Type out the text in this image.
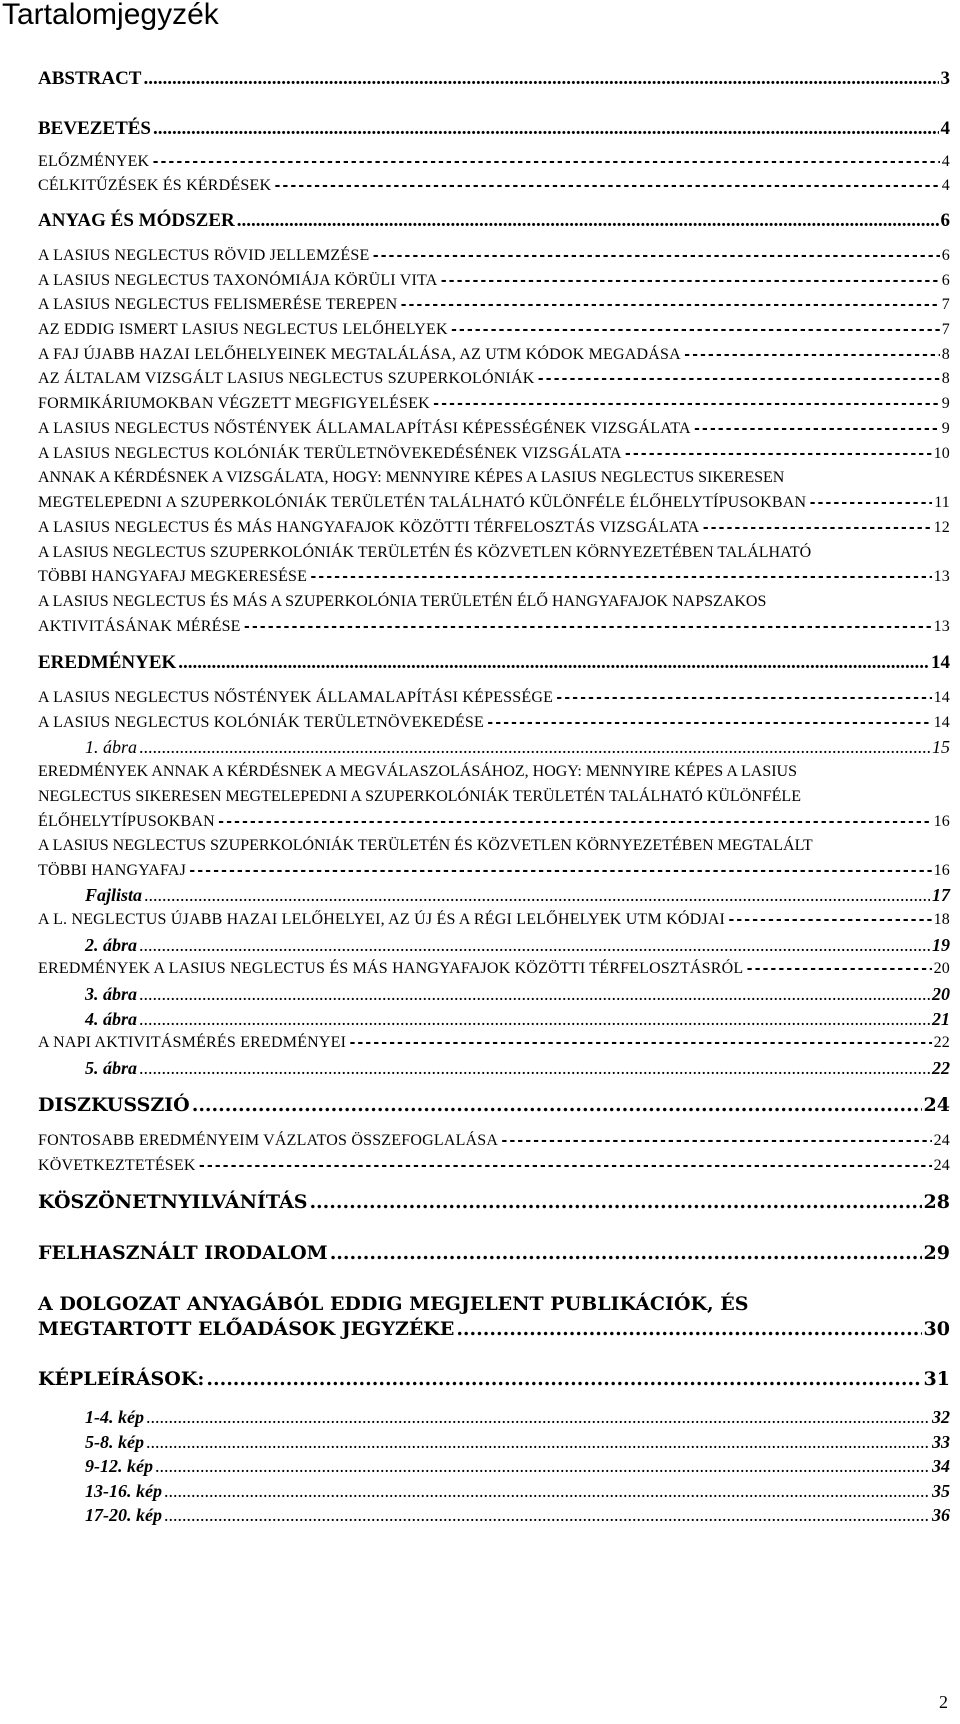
Tartalomjegyzék
ABSTRACT .....	3
BEVEZETÉS .....	4
ELŐZMÉNYEK -----	4
CÉLKITŰZÉSEK ÉS KÉRDÉSEK -----	4
ANYAG ÉS MÓDSZER .....	6
A LASIUS NEGLECTUS RÖVID JELLEMZÉSE -----	6
A LASIUS NEGLECTUS TAXONÓMIÁJA KÖRÜLI VITA -----	6
A LASIUS NEGLECTUS FELISMERÉSE TEREPEN -----	7
AZ EDDIG ISMERT LASIUS NEGLECTUS LELŐHELYEK -----	7
A FAJ ÚJABB HAZAI LELŐHELYEINEK MEGTALÁLÁSA, AZ UTM KÓDOK MEGADÁSA -----	8
AZ ÁLTALAM VIZSGÁLT LASIUS NEGLECTUS SZUPERKOLÓNIÁK -----	8
FORMIKÁRIUMOKBAN VÉGZETT MEGFIGYELÉSEK -----	9
A LASIUS NEGLECTUS NŐSTÉNYEK ÁLLAMALAPÍTÁSI KÉPESSÉGÉNEK VIZSGÁLATA -----	9
A LASIUS NEGLECTUS KOLÓNIÁK TERÜLETNÖVEKEDÉSÉNEK VIZSGÁLATA -----	10
ANNAK A KÉRDÉSNEK A VIZSGÁLATA, HOGY: MENNYIRE KÉPES A LASIUS NEGLECTUS SIKERESEN
MEGTELEPEDNI A SZUPERKOLÓNIÁK TERÜLETÉN TALÁLHATÓ KÜLÖNFÉLE ÉLŐHELYTÍPUSOKBAN -----	11
A LASIUS NEGLECTUS ÉS MÁS HANGYAFAJOK KÖZÖTTI TÉRFELOSZTÁS VIZSGÁLATA -----	12
A LASIUS NEGLECTUS SZUPERKOLÓNIÁK TERÜLETÉN ÉS KÖZVETLEN KÖRNYEZETÉBEN TALÁLHATÓ
TÖBBI HANGYAFAJ MEGKERESÉSE -----	13
A LASIUS NEGLECTUS ÉS MÁS A SZUPERKOLÓNIA TERÜLETÉN ÉLŐ HANGYAFAJOK NAPSZAKOS
AKTIVITÁSÁNAK MÉRÉSE -----	13
EREDMÉNYEK .....	14
A LASIUS NEGLECTUS NŐSTÉNYEK ÁLLAMALAPÍTÁSI KÉPESSÉGE -----	14
A LASIUS NEGLECTUS KOLÓNIÁK TERÜLETNÖVEKEDÉSE -----	14
1. ábra .....	15
EREDMÉNYEK ANNAK A KÉRDÉSNEK A MEGVÁLASZOLÁSÁHOZ, HOGY: MENNYIRE KÉPES A LASIUS
NEGLECTUS SIKERESEN MEGTELEPEDNI A SZUPERKOLÓNIÁK TERÜLETÉN TALÁLHATÓ KÜLÖNFÉLE
ÉLŐHELYTÍPUSOKBAN -----	16
A LASIUS NEGLECTUS SZUPERKOLÓNIÁK TERÜLETÉN ÉS KÖZVETLEN KÖRNYEZETÉBEN MEGTALÁLT
TÖBBI HANGYAFAJ -----	16
Fajlista .....	17
A L. NEGLECTUS ÚJABB HAZAI LELŐHELYEI, AZ ÚJ ÉS A RÉGI LELŐHELYEK UTM KÓDJAI -----	18
2. ábra .....	19
EREDMÉNYEK A LASIUS NEGLECTUS ÉS MÁS HANGYAFAJOK KÖZÖTTI TÉRFELOSZTÁSRÓL -----	20
3. ábra .....	20
4. ábra .....	21
A NAPI AKTIVITÁSMÉRÉS EREDMÉNYEI -----	22
5. ábra .....	22
DISZKUSSZIÓ .....	24
FONTOSABB EREDMÉNYEIM VÁZLATOS ÖSSZEFOGLALÁSA -----	24
KÖVETKEZTETÉSEK -----	24
KÖSZÖNETNYILVÁNÍTÁS .....	28
FELHASZNÁLT IRODALOM .....	29
A DOLGOZAT ANYAGÁBÓL EDDIG MEGJELENT PUBLIKÁCIÓK, ÉS
MEGTARTOTT ELŐADÁSOK JEGYZÉKE .....	30
KÉPLEÍRÁSOK: .....	31
1-4. kép .....	32
5-8. kép .....	33
9-12. kép .....	34
13-16. kép .....	35
17-20. kép .....	36
2
